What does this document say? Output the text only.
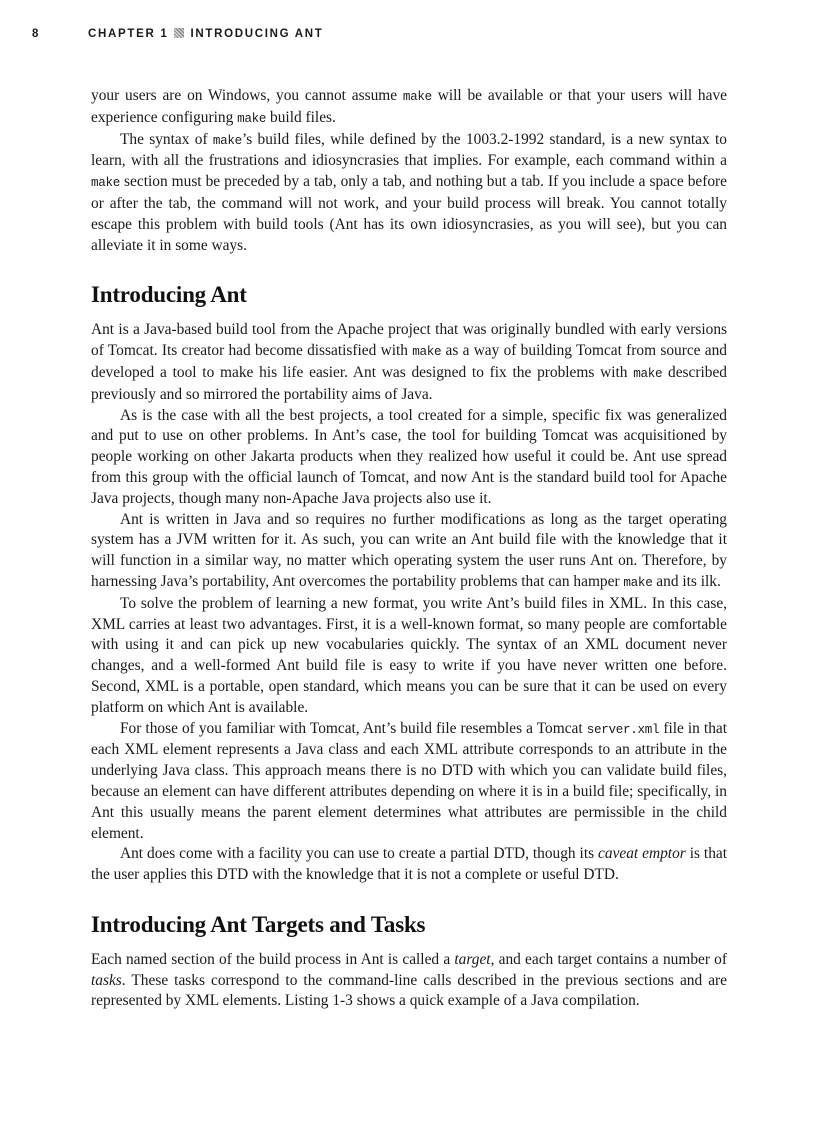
8	CHAPTER 1 INTRODUCING ANT

your users are on Windows, you cannot assume make will be available or that your users will have experience configuring make build files.

The syntax of make’s build files, while defined by the 1003.2-1992 standard, is a new syntax to learn, with all the frustrations and idiosyncrasies that implies. For example, each command within a make section must be preceded by a tab, only a tab, and nothing but a tab. If you include a space before or after the tab, the command will not work, and your build process will break. You cannot totally escape this problem with build tools (Ant has its own idiosyncrasies, as you will see), but you can alleviate it in some ways.

Introducing Ant

Ant is a Java-based build tool from the Apache project that was originally bundled with early versions of Tomcat. Its creator had become dissatisfied with make as a way of building Tomcat from source and developed a tool to make his life easier. Ant was designed to fix the problems with make described previously and so mirrored the portability aims of Java.

As is the case with all the best projects, a tool created for a simple, specific fix was generalized and put to use on other problems. In Ant’s case, the tool for building Tomcat was acquisitioned by people working on other Jakarta products when they realized how useful it could be. Ant use spread from this group with the official launch of Tomcat, and now Ant is the standard build tool for Apache Java projects, though many non-Apache Java projects also use it.

Ant is written in Java and so requires no further modifications as long as the target operating system has a JVM written for it. As such, you can write an Ant build file with the knowledge that it will function in a similar way, no matter which operating system the user runs Ant on. Therefore, by harnessing Java’s portability, Ant overcomes the portability problems that can hamper make and its ilk.

To solve the problem of learning a new format, you write Ant’s build files in XML. In this case, XML carries at least two advantages. First, it is a well-known format, so many people are comfortable with using it and can pick up new vocabularies quickly. The syntax of an XML document never changes, and a well-formed Ant build file is easy to write if you have never written one before. Second, XML is a portable, open standard, which means you can be sure that it can be used on every platform on which Ant is available.

For those of you familiar with Tomcat, Ant’s build file resembles a Tomcat server.xml file in that each XML element represents a Java class and each XML attribute corresponds to an attribute in the underlying Java class. This approach means there is no DTD with which you can validate build files, because an element can have different attributes depending on where it is in a build file; specifically, in Ant this usually means the parent element determines what attributes are permissible in the child element.

Ant does come with a facility you can use to create a partial DTD, though its caveat emptor is that the user applies this DTD with the knowledge that it is not a complete or useful DTD.

Introducing Ant Targets and Tasks

Each named section of the build process in Ant is called a target, and each target contains a number of tasks. These tasks correspond to the command-line calls described in the previous sections and are represented by XML elements. Listing 1-3 shows a quick example of a Java compilation.
